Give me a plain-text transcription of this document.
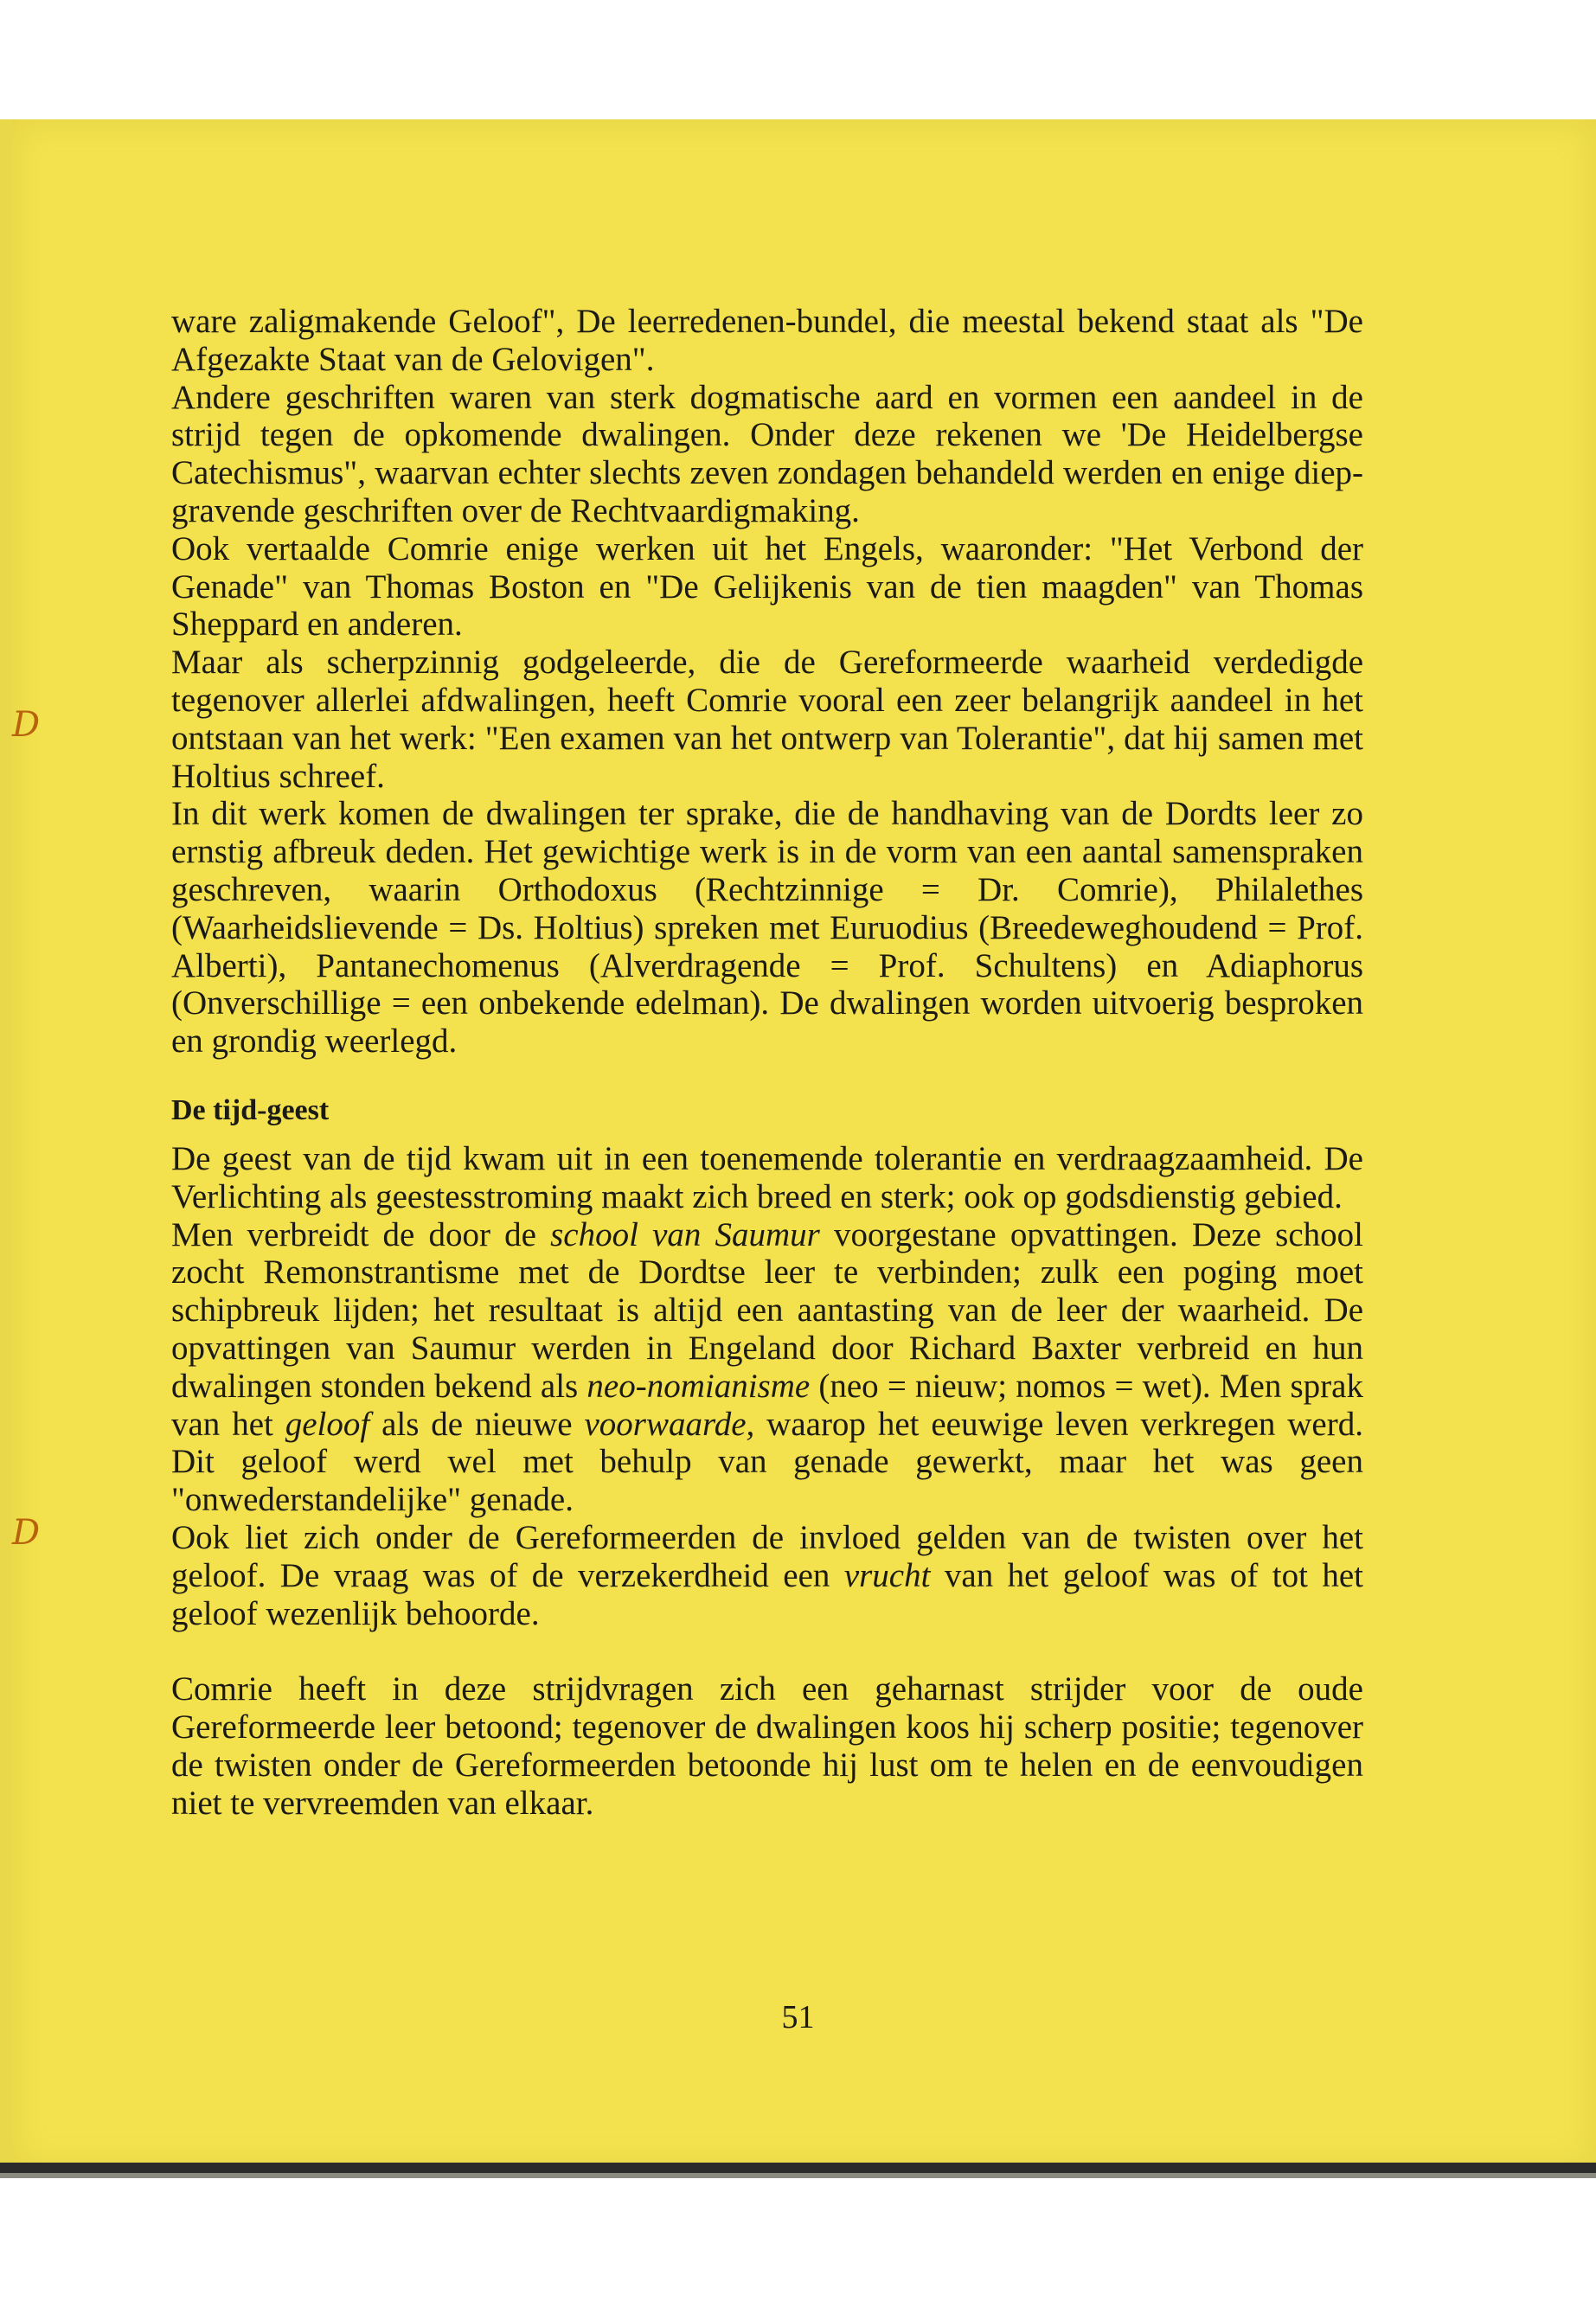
D
D

ware zaligmakende Geloof", De leerredenen-bundel, die meestal bekend staat als "De Afgezakte Staat van de Gelovigen".

Andere geschriften waren van sterk dogmatische aard en vormen een aandeel in de strijd tegen de opkomende dwalingen. Onder deze rekenen we 'De Heidelbergse Catechismus", waarvan echter slechts zeven zondagen behandeld werden en enige diep-gravende geschriften over de Rechtvaardigmaking.

Ook vertaalde Comrie enige werken uit het Engels, waaronder: "Het Verbond der Genade" van Thomas Boston en "De Gelijkenis van de tien maagden" van Thomas Sheppard en anderen.

Maar als scherpzinnig godgeleerde, die de Gereformeerde waarheid verdedigde tegenover allerlei afdwalingen, heeft Comrie vooral een zeer belangrijk aandeel in het ontstaan van het werk: "Een examen van het ontwerp van Tolerantie", dat hij samen met Holtius schreef.

In dit werk komen de dwalingen ter sprake, die de handhaving van de Dordts leer zo ernstig afbreuk deden. Het gewichtige werk is in de vorm van een aantal samenspraken geschreven, waarin Orthodoxus (Rechtzinnige = Dr. Comrie), Philalethes (Waarheidslievende = Ds. Holtius) spreken met Euruodius (Breedeweghoudend = Prof. Alberti), Pantanechomenus (Alverdragende = Prof. Schultens) en Adiaphorus (Onverschillige = een onbekende edelman). De dwalingen worden uitvoerig besproken en grondig weerlegd.

De tijd-geest

De geest van de tijd kwam uit in een toenemende tolerantie en verdraagzaamheid. De Verlichting als geestesstroming maakt zich breed en sterk; ook op godsdienstig gebied.

Men verbreidt de door de school van Saumur voorgestane opvattingen. Deze school zocht Remonstrantisme met de Dordtse leer te verbinden; zulk een poging moet schipbreuk lijden; het resultaat is altijd een aantasting van de leer der waarheid. De opvattingen van Saumur werden in Engeland door Richard Baxter verbreid en hun dwalingen stonden bekend als neo-nomianisme (neo = nieuw; nomos = wet). Men sprak van het geloof als de nieuwe voorwaarde, waarop het eeuwige leven verkregen werd. Dit geloof werd wel met behulp van genade gewerkt, maar het was geen "onwederstandelijke" genade.

Ook liet zich onder de Gereformeerden de invloed gelden van de twisten over het geloof. De vraag was of de verzekerdheid een vrucht van het geloof was of tot het geloof wezenlijk behoorde.

Comrie heeft in deze strijdvragen zich een geharnast strijder voor de oude Gereformeerde leer betoond; tegenover de dwalingen koos hij scherp positie; tegenover de twisten onder de Gereformeerden betoonde hij lust om te helen en de eenvoudigen niet te vervreemden van elkaar.

51
